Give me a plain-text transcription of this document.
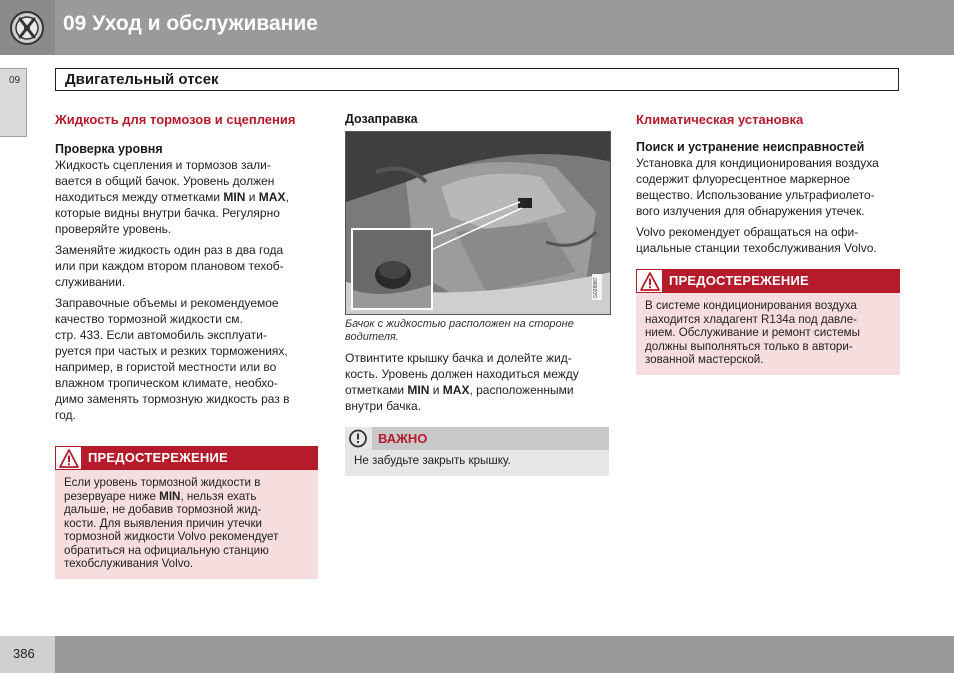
09 Уход и обслуживание
09	Двигательный отсек
Жидкость для тормозов и сцепления
Проверка уровня
Жидкость сцепления и тормозов зали-
вается в общий бачок. Уровень должен
находиться между отметками MIN и MAX,
которые видны внутри бачка. Регулярно
проверяйте уровень.
Заменяйте жидкость один раз в два года
или при каждом втором плановом техоб-
служивании.
Заправочные объемы и рекомендуемое
качество тормозной жидкости см.
стр. 433. Если автомобиль эксплуати-
руется при частых и резких торможениях,
например, в гористой местности или во
влажном тропическом климате, необхо-
димо заменять тормозную жидкость раз в
год.
ПРЕДОСТЕРЕЖЕНИЕ
Если уровень тормозной жидкости в
резервуаре ниже MIN, нельзя ехать
дальше, не добавив тормозной жид-
кости. Для выявления причин утечки
тормозной жидкости Volvo рекомендует
обратиться на официальную станцию
техобслуживания Volvo.
Дозаправка
G028987
Бачок с жидкостью расположен на стороне
водителя.
Отвинтите крышку бачка и долейте жид-
кость. Уровень должен находиться между
отметками MIN и MAX, расположенными
внутри бачка.
ВАЖНО
Не забудьте закрыть крышку.
Климатическая установка
Поиск и устранение неисправностей
Установка для кондиционирования воздуха
содержит флуоресцентное маркерное
вещество. Использование ультрафиолето-
вого излучения для обнаружения утечек.
Volvo рекомендует обращаться на офи-
циальные станции техобслуживания Volvo.
ПРЕДОСТЕРЕЖЕНИЕ
В системе кондиционирования воздуха
находится хладагент R134a под давле-
нием. Обслуживание и ремонт системы
должны выполняться только в автори-
зованной мастерской.
386
